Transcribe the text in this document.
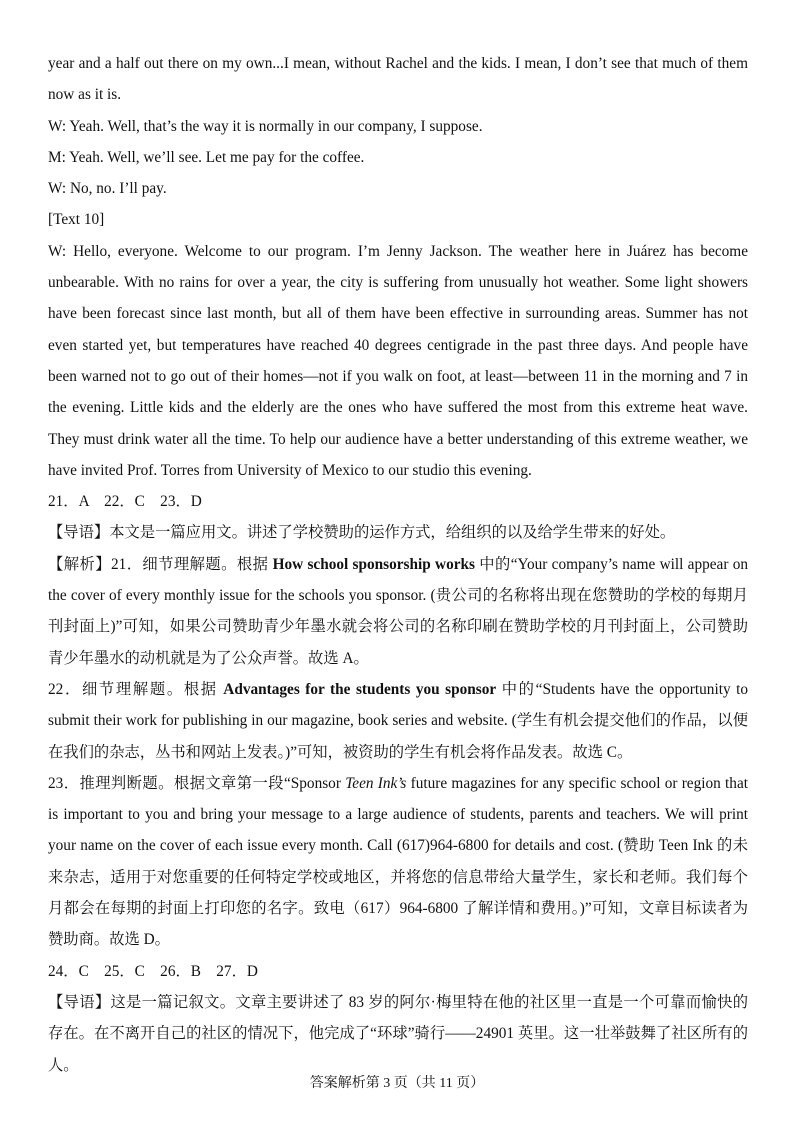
year and a half out there on my own...I mean, without Rachel and the kids. I mean, I don’t see that much of them now as it is.

W: Yeah. Well, that’s the way it is normally in our company, I suppose.

M: Yeah. Well, we’ll see. Let me pay for the coffee.

W: No, no. I’ll pay.

[Text 10]

W: Hello, everyone. Welcome to our program. I’m Jenny Jackson. The weather here in Juárez has become unbearable. With no rains for over a year, the city is suffering from unusually hot weather. Some light showers have been forecast since last month, but all of them have been effective in surrounding areas. Summer has not even started yet, but temperatures have reached 40 degrees centigrade in the past three days. And people have been warned not to go out of their homes—not if you walk on foot, at least—between 11 in the morning and 7 in the evening. Little kids and the elderly are the ones who have suffered the most from this extreme heat wave. They must drink water all the time. To help our audience have a better understanding of this extreme weather, we have invited Prof. Torres from University of Mexico to our studio this evening.

21．A    22．C    23．D

【导语】本文是一篇应用文。讲述了学校赞助的运作方式，给组织的以及给学生带来的好处。

【解析】21．细节理解题。根据 How school sponsorship works 中的“Your company’s name will appear on the cover of every monthly issue for the schools you sponsor. (贵公司的名称将出现在您赞助的学校的每期月刊封面上)”可知，如果公司赞助青少年墨水就会将公司的名称印刷在赞助学校的月刊封面上，公司赞助青少年墨水的动机就是为了公众声誉。故选 A。

22．细节理解题。根据 Advantages for the students you sponsor 中的“Students have the opportunity to submit their work for publishing in our magazine, book series and website. (学生有机会提交他们的作品，以便在我们的杂志，丛书和网站上发表。)”可知，被资助的学生有机会将作品发表。故选 C。

23．推理判断题。根据文章第一段“Sponsor Teen Ink’s future magazines for any specific school or region that is important to you and bring your message to a large audience of students, parents and teachers. We will print your name on the cover of each issue every month. Call (617)964-6800 for details and cost. (赞助 Teen Ink 的未来杂志，适用于对您重要的任何特定学校或地区，并将您的信息带给大量学生，家长和老师。我们每个月都会在每期的封面上打印您的名字。致电（617）964-6800 了解详情和费用。)”可知，文章目标读者为赞助商。故选 D。

24．C    25．C    26．B    27．D

【导语】这是一篇记叙文。文章主要讲述了 83 岁的阿尔·梅里特在他的社区里一直是一个可靠而愉快的存在。在不离开自己的社区的情况下，他完成了“环球”骑行——24901 英里。这一壮举鼓舞了社区所有的人。

答案解析第 3 页（共 11 页）
